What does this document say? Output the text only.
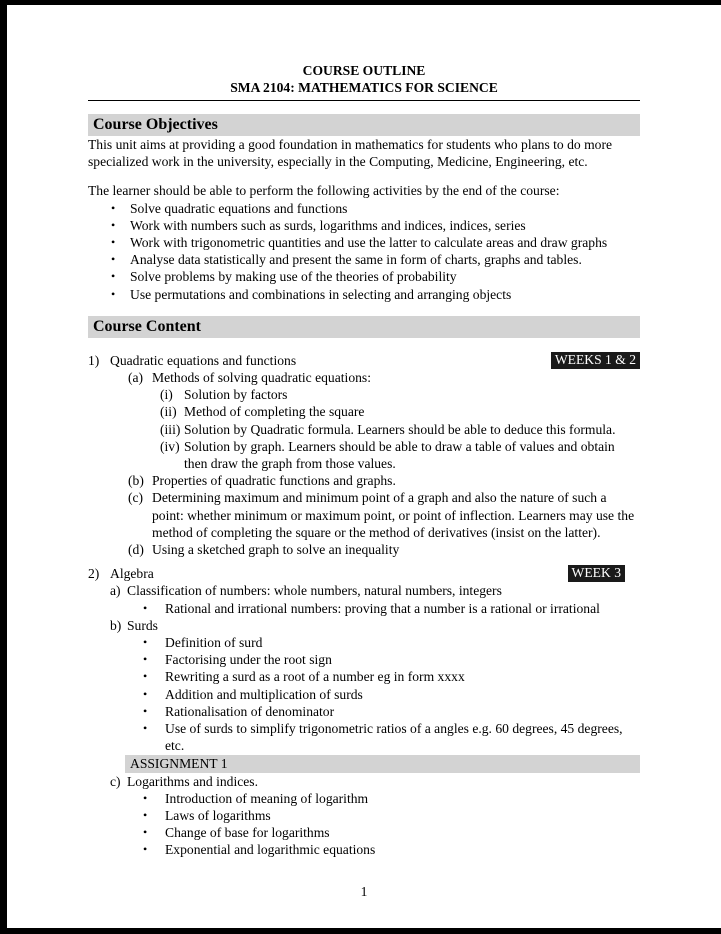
COURSE OUTLINE
SMA 2104: MATHEMATICS FOR SCIENCE
Course Objectives

This unit aims at providing a good foundation in mathematics for students who plans to do more specialized work in the university, especially in the Computing, Medicine, Engineering, etc.

The learner should be able to perform the following activities by the end of the course:

•	Solve quadratic equations and functions
•	Work with numbers such as surds, logarithms and indices, indices, series
•	Work with trigonometric quantities and use the latter to calculate areas and draw graphs
•	Analyse data statistically and present the same in form of charts, graphs and tables.
•	Solve problems by making use of the theories of probability
•	Use permutations and combinations in selecting and arranging objects
Course Content
1) Quadratic equations and functions	WEEKS 1 & 2
(a) Methods of solving quadratic equations:
(i) Solution by factors
(ii) Method of completing the square
(iii) Solution by Quadratic formula. Learners should be able to deduce this formula.
(iv) Solution by graph. Learners should be able to draw a table of values and obtain then draw the graph from those values.
(b) Properties of quadratic functions and graphs.
(c) Determining maximum and minimum point of a graph and also the nature of such a point: whether minimum or maximum point, or point of inflection. Learners may use the method of completing the square or the method of derivatives (insist on the latter).
(d) Using a sketched graph to solve an inequality
2) Algebra	WEEK 3
a) Classification of numbers: whole numbers, natural numbers, integers
•	Rational and irrational numbers: proving that a number is a rational or irrational
b) Surds
•	Definition of surd
•	Factorising under the root sign
•	Rewriting a surd as a root of a number eg in form xxxx
•	Addition and multiplication of surds
•	Rationalisation of denominator
•	Use of surds to simplify trigonometric ratios of a angles e.g. 60 degrees, 45 degrees, etc.
ASSIGNMENT 1
c) Logarithms and indices.
•	Introduction of meaning of logarithm
•	Laws of logarithms
•	Change of base for logarithms
•	Exponential and logarithmic equations
1
